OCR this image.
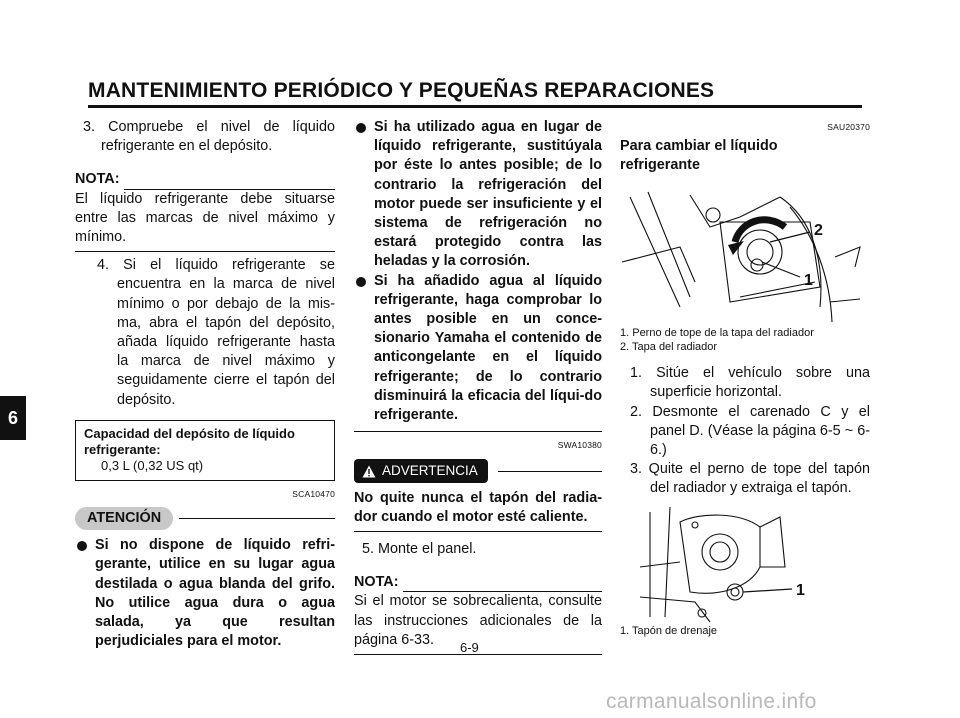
MANTENIMIENTO PERIÓDICO Y PEQUEÑAS REPARACIONES
6
3. Compruebe el nivel de líquido refrigerante en el depósito.
NOTA:
El líquido refrigerante debe situarse entre las marcas de nivel máximo y mínimo.
4. Si el líquido refrigerante se encuentra en la marca de nivel mínimo o por debajo de la mis-ma, abra el tapón del depósito, añada líquido refrigerante hasta la marca de nivel máximo y seguidamente cierre el tapón del depósito.
Capacidad del depósito de líquido refrigerante:
0,3 L (0,32 US qt)
SCA10470
ATENCIÓN
Si no dispone de líquido refri-gerante, utilice en su lugar agua destilada o agua blanda del grifo. No utilice agua dura o agua salada, ya que resultan perjudiciales para el motor.
Si ha utilizado agua en lugar de líquido refrigerante, sustitúyala por éste lo antes posible; de lo contrario la refrigeración del motor puede ser insuficiente y el sistema de refrigeración no estará protegido contra las heladas y la corrosión.
Si ha añadido agua al líquido refrigerante, haga comprobar lo antes posible en un conce-sionario Yamaha el contenido de anticongelante en el líquido refrigerante; de lo contrario disminuirá la eficacia del líqui-do refrigerante.
SWA10380
ADVERTENCIA
No quite nunca el tapón del radia-dor cuando el motor esté caliente.
5. Monte el panel.
NOTA:
Si el motor se sobrecalienta, consulte las instrucciones adicionales de la página 6-33.
SAU20370
Para cambiar el líquido refrigerante
2
1
1. Perno de tope de la tapa del radiador
2. Tapa del radiador
1. Sitúe el vehículo sobre una superficie horizontal.
2. Desmonte el carenado C y el panel D. (Véase la página 6-5 ~ 6-6.)
3. Quite el perno de tope del tapón del radiador y extraiga el tapón.
1
1. Tapón de drenaje
6-9
carmanualsonline.info
